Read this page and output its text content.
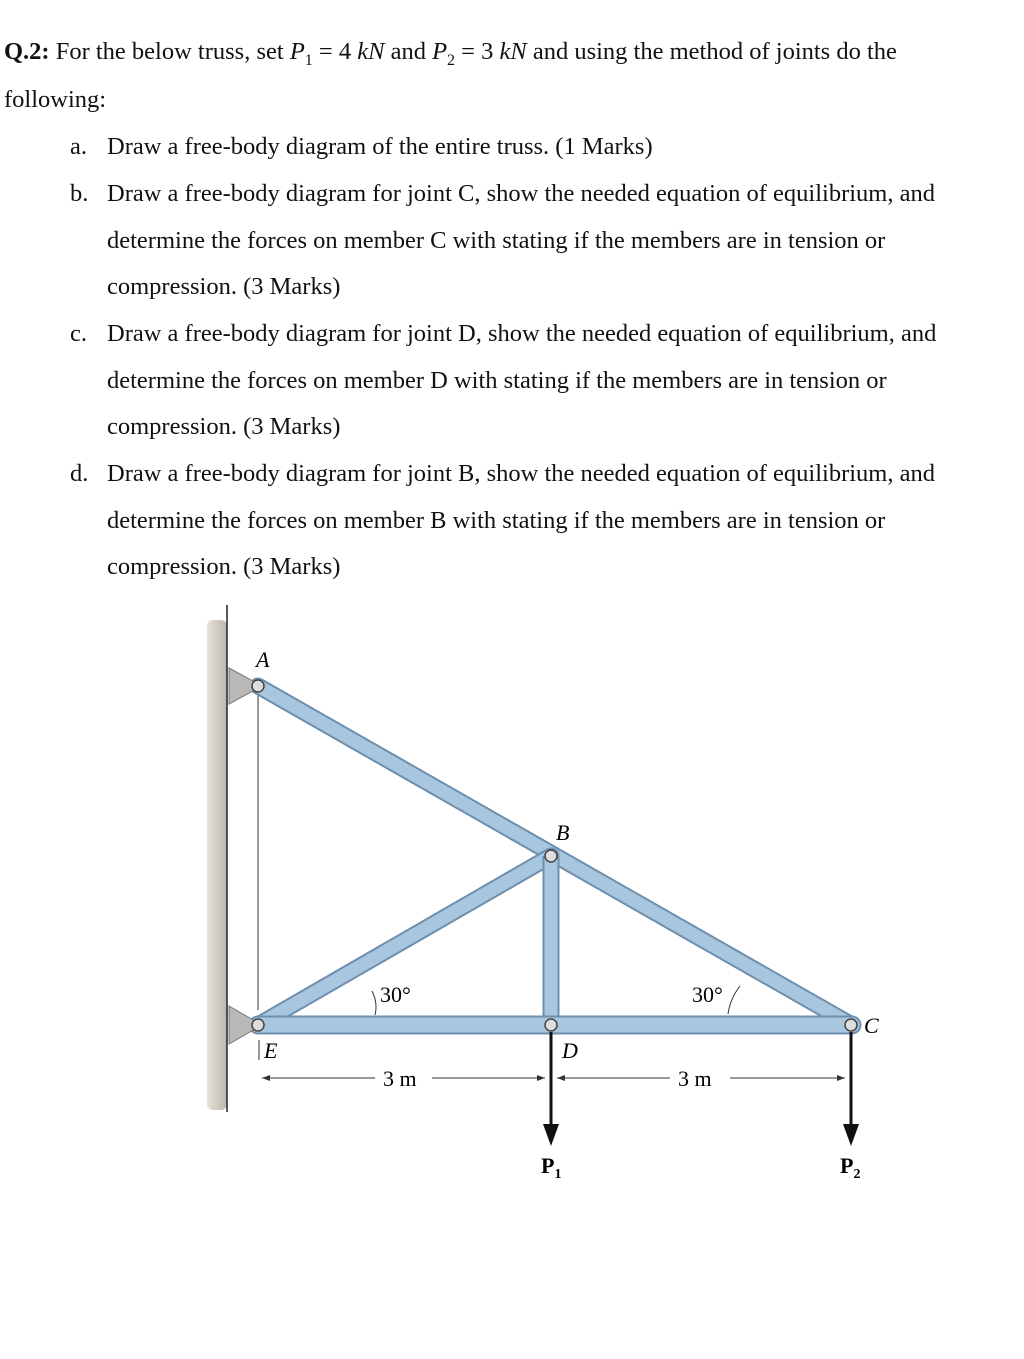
Q.2: For the below truss, set $P_1 = 4$ kN and $P_2 = 3$ kN and using the method of joints do the
following:
a. Draw a free-body diagram of the entire truss. (1 Marks)
b. Draw a free-body diagram for joint C, show the needed equation of equilibrium, and
determine the forces on member C with stating if the members are in tension or
compression. (3 Marks)
c. Draw a free-body diagram for joint D, show the needed equation of equilibrium, and
determine the forces on member D with stating if the members are in tension or
compression. (3 Marks)
d. Draw a free-body diagram for joint B, show the needed equation of equilibrium, and
determine the forces on member B with stating if the members are in tension or
compression. (3 Marks)
A
B
C
D
E
30°	30°
3 m	3 m
$P_1$	$P_2$
